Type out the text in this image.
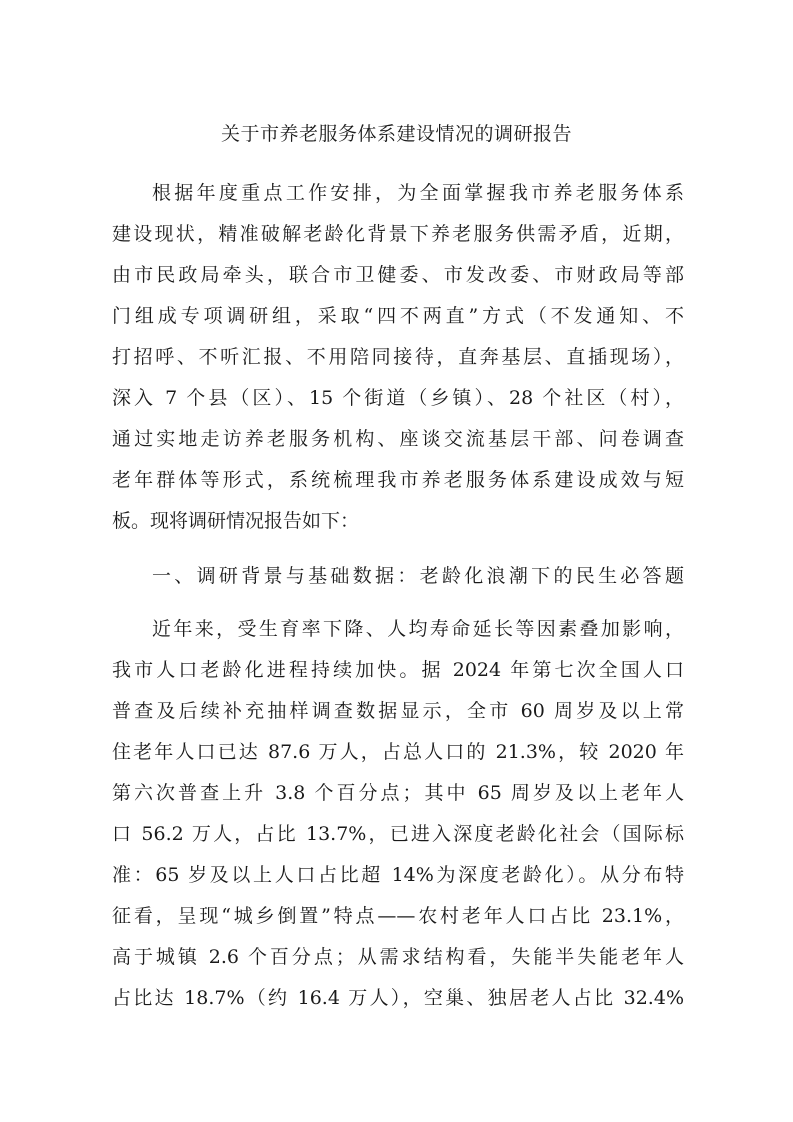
关于市养老服务体系建设情况的调研报告
根据年度重点工作安排，为全面掌握我市养老服务体系
建设现状，精准破解老龄化背景下养老服务供需矛盾，近期，
由市民政局牵头，联合市卫健委、市发改委、市财政局等部
门组成专项调研组，采取“四不两直”方式（不发通知、不
打招呼、不听汇报、不用陪同接待，直奔基层、直插现场），
深入 7 个县（区）、15 个街道（乡镇）、28 个社区（村），
通过实地走访养老服务机构、座谈交流基层干部、问卷调查
老年群体等形式，系统梳理我市养老服务体系建设成效与短
板。现将调研情况报告如下：
一、调研背景与基础数据：老龄化浪潮下的民生必答题
近年来，受生育率下降、人均寿命延长等因素叠加影响，
我市人口老龄化进程持续加快。据 2024 年第七次全国人口
普查及后续补充抽样调查数据显示，全市 60 周岁及以上常
住老年人口已达 87.6 万人，占总人口的 21.3%，较 2020 年
第六次普查上升 3.8 个百分点；其中 65 周岁及以上老年人
口 56.2 万人，占比 13.7%，已进入深度老龄化社会（国际标
准：65 岁及以上人口占比超 14%为深度老龄化）。从分布特
征看，呈现“城乡倒置”特点——农村老年人口占比 23.1%，
高于城镇 2.6 个百分点；从需求结构看，失能半失能老年人
占比达 18.7%（约 16.4 万人），空巢、独居老人占比 32.4%
